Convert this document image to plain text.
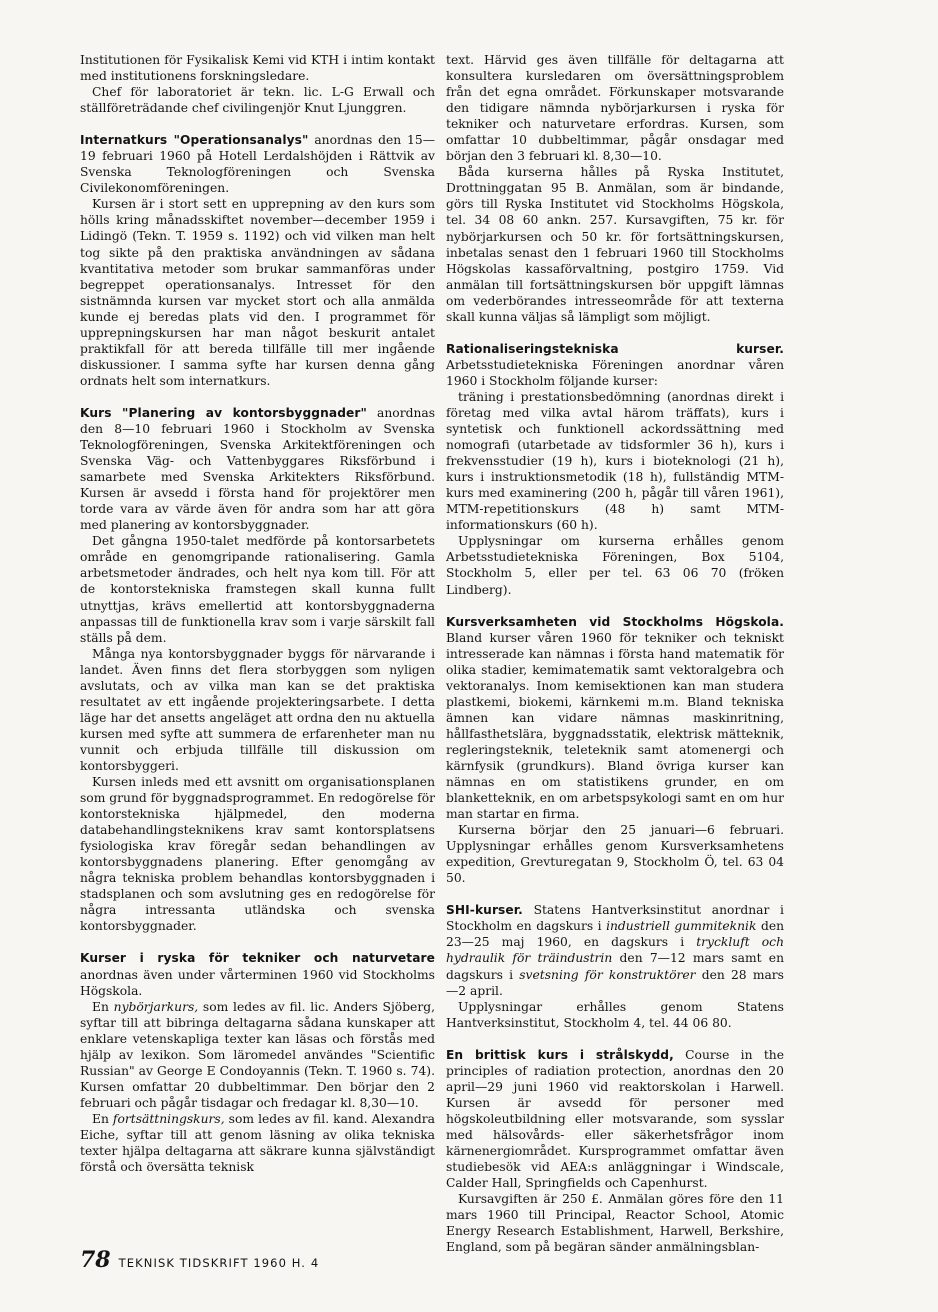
Institutionen för Fysikalisk Kemi vid KTH i intim kontakt med institutionens forskningsledare.

Chef för laboratoriet är tekn. lic. L-G Erwall och ställföreträdande chef civilingenjör Knut Ljunggren.

Internatkurs "Operationsanalys" anordnas den 15—19 februari 1960 på Hotell Lerdalshöjden i Rättvik av Svenska Teknologföreningen och Svenska Civilekonomföreningen.

Kursen är i stort sett en upprepning av den kurs som hölls kring månadsskiftet november—december 1959 i Lidingö (Tekn. T. 1959 s. 1192) och vid vilken man helt tog sikte på den praktiska användningen av sådana kvantitativa metoder som brukar sammanföras under begreppet operationsanalys. Intresset för den sistnämnda kursen var mycket stort och alla anmälda kunde ej beredas plats vid den. I programmet för upprepningskursen har man något beskurit antalet praktikfall för att bereda tillfälle till mer ingående diskussioner. I samma syfte har kursen denna gång ordnats helt som internatkurs.

Kurs "Planering av kontorsbyggnader" anordnas den 8—10 februari 1960 i Stockholm av Svenska Teknologföreningen, Svenska Arkitektföreningen och Svenska Väg- och Vattenbyggares Riksförbund i samarbete med Svenska Arkitekters Riksförbund. Kursen är avsedd i första hand för projektörer men torde vara av värde även för andra som har att göra med planering av kontorsbyggnader.

Det gångna 1950-talet medförde på kontorsarbetets område en genomgripande rationalisering. Gamla arbetsmetoder ändrades, och helt nya kom till. För att de kontorstekniska framstegen skall kunna fullt utnyttjas, krävs emellertid att kontorsbyggnaderna anpassas till de funktionella krav som i varje särskilt fall ställs på dem.

Många nya kontorsbyggnader byggs för närvarande i landet. Även finns det flera storbyggen som nyligen avslutats, och av vilka man kan se det praktiska resultatet av ett ingående projekteringsarbete. I detta läge har det ansetts angeläget att ordna den nu aktuella kursen med syfte att summera de erfarenheter man nu vunnit och erbjuda tillfälle till diskussion om kontorsbyggeri.

Kursen inleds med ett avsnitt om organisationsplanen som grund för byggnadsprogrammet. En redogörelse för kontorstekniska hjälpmedel, den moderna databehandlingsteknikens krav samt kontorsplatsens fysiologiska krav föregår sedan behandlingen av kontorsbyggnadens planering. Efter genomgång av några tekniska problem behandlas kontorsbyggnaden i stadsplanen och som avslutning ges en redogörelse för några intressanta utländska och svenska kontorsbyggnader.

Kurser i ryska för tekniker och naturvetare anordnas även under vårterminen 1960 vid Stockholms Högskola.

En nybörjarkurs, som ledes av fil. lic. Anders Sjöberg, syftar till att bibringa deltagarna sådana kunskaper att enklare vetenskapliga texter kan läsas och förstås med hjälp av lexikon. Som läromedel användes "Scientific Russian" av George E Condoyannis (Tekn. T. 1960 s. 74). Kursen omfattar 20 dubbeltimmar. Den börjar den 2 februari och pågår tisdagar och fredagar kl. 8,30—10.

En fortsättningskurs, som ledes av fil. kand. Alexandra Eiche, syftar till att genom läsning av olika tekniska texter hjälpa deltagarna att säkrare kunna självständigt förstå och översätta teknisk

text. Härvid ges även tillfälle för deltagarna att konsultera kursledaren om översättningsproblem från det egna området. Förkunskaper motsvarande den tidigare nämnda nybörjarkursen i ryska för tekniker och naturvetare erfordras. Kursen, som omfattar 10 dubbeltimmar, pågår onsdagar med början den 3 februari kl. 8,30—10.

Båda kurserna hålles på Ryska Institutet, Drottninggatan 95 B. Anmälan, som är bindande, görs till Ryska Institutet vid Stockholms Högskola, tel. 34 08 60 ankn. 257. Kursavgiften, 75 kr. för nybörjarkursen och 50 kr. för fortsättningskursen, inbetalas senast den 1 februari 1960 till Stockholms Högskolas kassaförvaltning, postgiro 1759. Vid anmälan till fortsättningskursen bör uppgift lämnas om vederbörandes intresseområde för att texterna skall kunna väljas så lämpligt som möjligt.

Rationaliseringstekniska kurser. Arbetsstudietekniska Föreningen anordnar våren 1960 i Stockholm följande kurser:

träning i prestationsbedömning (anordnas direkt i företag med vilka avtal härom träffats), kurs i syntetisk och funktionell ackordssättning med nomografi (utarbetade av tidsformler 36 h), kurs i frekvensstudier (19 h), kurs i bioteknologi (21 h), kurs i instruktionsmetodik (18 h), fullständig MTM-kurs med examinering (200 h, pågår till våren 1961), MTM-repetitionskurs (48 h) samt MTM-informationskurs (60 h).

Upplysningar om kurserna erhålles genom Arbetsstudietekniska Föreningen, Box 5104, Stockholm 5, eller per tel. 63 06 70 (fröken Lindberg).

Kursverksamheten vid Stockholms Högskola. Bland kurser våren 1960 för tekniker och tekniskt intresserade kan nämnas i första hand matematik för olika stadier, kemimatematik samt vektoralgebra och vektoranalys. Inom kemisektionen kan man studera plastkemi, biokemi, kärnkemi m.m. Bland tekniska ämnen kan vidare nämnas maskinritning, hållfasthetslära, byggnadsstatik, elektrisk mätteknik, regleringsteknik, teleteknik samt atomenergi och kärnfysik (grundkurs). Bland övriga kurser kan nämnas en om statistikens grunder, en om blanketteknik, en om arbetspsykologi samt en om hur man startar en firma.

Kurserna börjar den 25 januari—6 februari. Upplysningar erhålles genom Kursverksamhetens expedition, Grevturegatan 9, Stockholm Ö, tel. 63 04 50.

SHI-kurser. Statens Hantverksinstitut anordnar i Stockholm en dagskurs i industriell gummiteknik den 23—25 maj 1960, en dagskurs i tryckluft och hydraulik för träindustrin den 7—12 mars samt en dagskurs i svetsning för konstruktörer den 28 mars —2 april.

Upplysningar erhålles genom Statens Hantverksinstitut, Stockholm 4, tel. 44 06 80.

En brittisk kurs i strålskydd, Course in the principles of radiation protection, anordnas den 20 april—29 juni 1960 vid reaktorskolan i Harwell. Kursen är avsedd för personer med högskoleutbildning eller motsvarande, som sysslar med hälsovårds- eller säkerhetsfrågor inom kärnenergiområdet. Kursprogrammet omfattar även studiebesök vid AEA:s anläggningar i Windscale, Calder Hall, Springfields och Capenhurst.

Kursavgiften är 250 £. Anmälan göres före den 11 mars 1960 till Principal, Reactor School, Atomic Energy Research Establishment, Harwell, Berkshire, England, som på begäran sänder anmälningsblan-

78 TEKNISK TIDSKRIFT 1960 H. 4
